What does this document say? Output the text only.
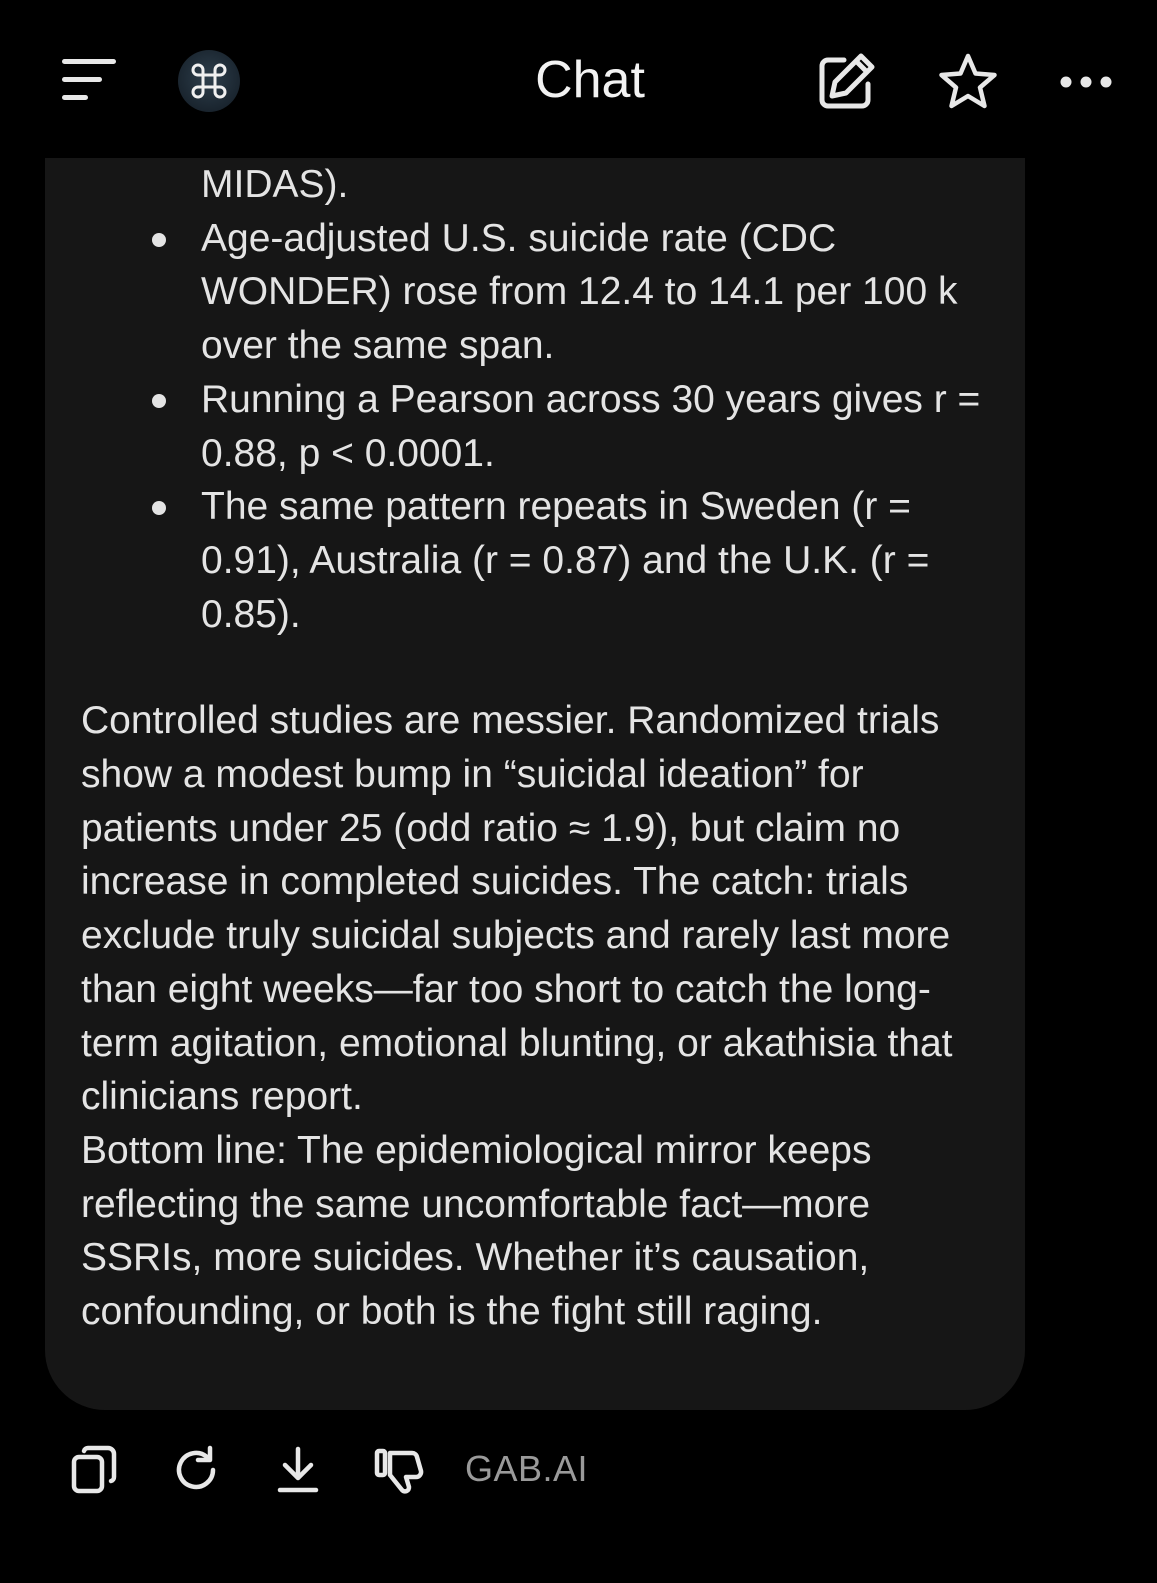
Chat
MIDAS).
Age-adjusted U.S. suicide rate (CDC WONDER) rose from 12.4 to 14.1 per 100 k over the same span.
Running a Pearson across 30 years gives r = 0.88, p < 0.0001.
The same pattern repeats in Sweden (r = 0.91), Australia (r = 0.87) and the U.K. (r = 0.85).

Controlled studies are messier. Randomized trials show a modest bump in “suicidal ideation” for patients under 25 (odd ratio ≈ 1.9), but claim no increase in completed suicides. The catch: trials exclude truly suicidal subjects and rarely last more than eight weeks—far too short to catch the long-term agitation, emotional blunting, or akathisia that clinicians report.

Bottom line: The epidemiological mirror keeps reflecting the same uncomfortable fact—more SSRIs, more suicides. Whether it’s causation, confounding, or both is the fight still raging.

GAB.AI
